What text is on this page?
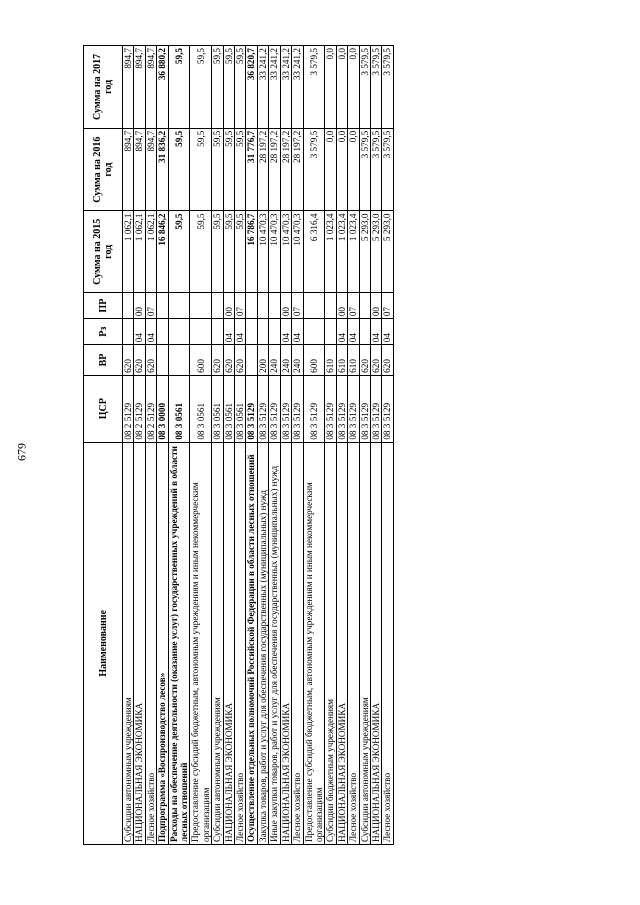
679
Наименование	ЦСР	ВР	Рз	ПР	Сумма на 2015 год	Сумма на 2016 год	Сумма на 2017 год
Субсидии автономным учреждениям	08 2 5129	620			1 062,1	894,7	894,7
НАЦИОНАЛЬНАЯ ЭКОНОМИКА	08 2 5129	620	04	00	1 062,1	894,7	894,7
Лесное хозяйство	08 2 5129	620	04	07	1 062,1	894,7	894,7
Подпрограмма «Воспроизводство лесов»	08 3 0000				16 846,2	31 836,2	36 880,2
Расходы на обеспечение деятельности (оказание услуг) государственных учреждений в области лесных отношений	08 3 0561				59,5	59,5	59,5
Предоставление субсидий бюджетным, автономным учреждениям и иным некоммерческим организациям	08 3 0561	600			59,5	59,5	59,5
Субсидии автономным учреждениям	08 3 0561	620			59,5	59,5	59,5
НАЦИОНАЛЬНАЯ ЭКОНОМИКА	08 3 0561	620	04	00	59,5	59,5	59,5
Лесное хозяйство	08 3 0561	620	04	07	59,5	59,5	59,5
Осуществление отдельных полномочий Российской Федерации в области лесных отношений	08 3 5129				16 786,7	31 776,7	36 820,7
Закупка товаров, работ и услуг для обеспечения государственных (муниципальных) нужд	08 3 5129	200			10 470,3	28 197,2	33 241,2
Иные закупки товаров, работ и услуг для обеспечения государственных (муниципальных) нужд	08 3 5129	240			10 470,3	28 197,2	33 241,2
НАЦИОНАЛЬНАЯ ЭКОНОМИКА	08 3 5129	240	04	00	10 470,3	28 197,2	33 241,2
Лесное хозяйство	08 3 5129	240	04	07	10 470,3	28 197,2	33 241,2
Предоставление субсидий бюджетным, автономным учреждениям и иным некоммерческим организациям	08 3 5129	600			6 316,4	3 579,5	3 579,5
Субсидии бюджетным учреждениям	08 3 5129	610			1 023,4	0,0	0,0
НАЦИОНАЛЬНАЯ ЭКОНОМИКА	08 3 5129	610	04	00	1 023,4	0,0	0,0
Лесное хозяйство	08 3 5129	610	04	07	1 023,4	0,0	0,0
Субсидии автономным учреждениям	08 3 5129	620			5 293,0	3 579,5	3 579,5
НАЦИОНАЛЬНАЯ ЭКОНОМИКА	08 3 5129	620	04	00	5 293,0	3 579,5	3 579,5
Лесное хозяйство	08 3 5129	620	04	07	5 293,0	3 579,5	3 579,5
